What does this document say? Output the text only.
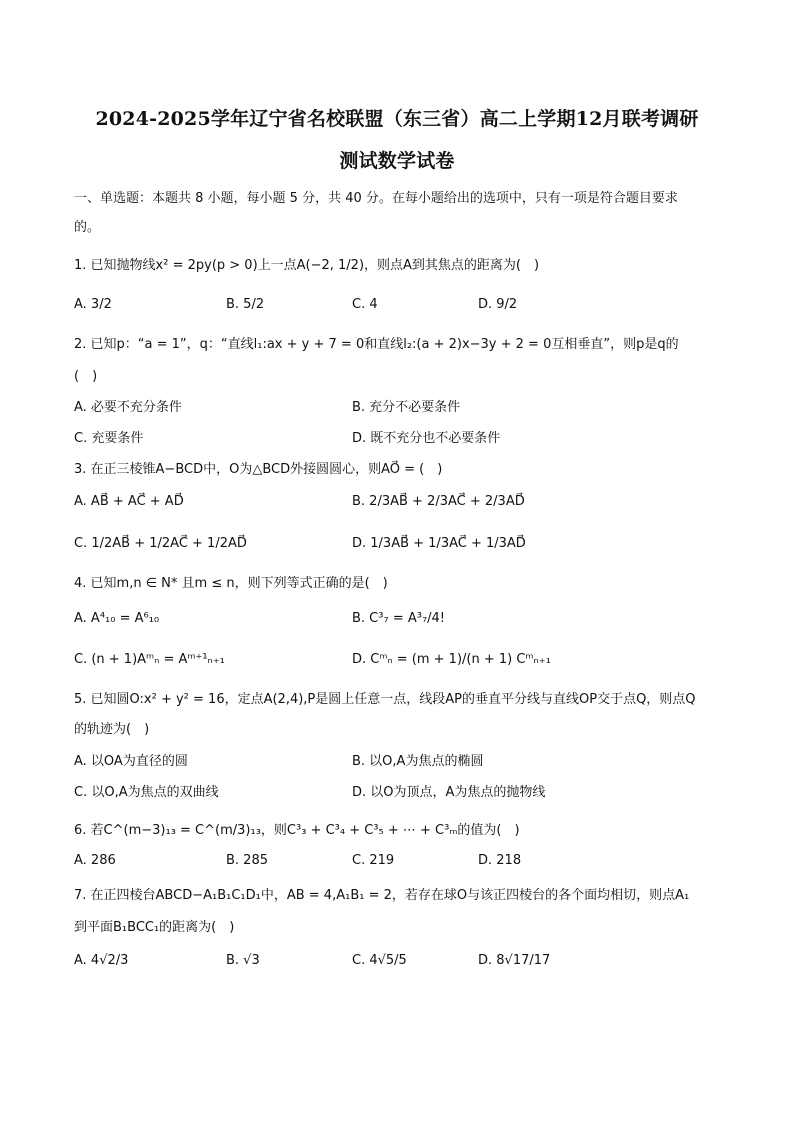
2024-2025学年辽宁省名校联盟（东三省）高二上学期12月联考调研
测试数学试卷
一、单选题：本题共 8 小题，每小题 5 分，共 40 分。在每小题给出的选项中，只有一项是符合题目要求
的。
1. 已知抛物线x² = 2py(p > 0)上一点A(−2, 1/2)，则点A到其焦点的距离为(　)
A. 3/2	B. 5/2	C. 4	D. 9/2
2. 已知p：“a = 1”，q：“直线l₁:ax + y + 7 = 0和直线l₂:(a + 2)x−3y + 2 = 0互相垂直”，则p是q的
(　)
A. 必要不充分条件	B. 充分不必要条件
C. 充要条件	D. 既不充分也不必要条件
3. 在正三棱锥A−BCD中，O为△BCD外接圆圆心，则AO⃗ = (　)
A. AB⃗ + AC⃗ + AD⃗	B. 2/3AB⃗ + 2/3AC⃗ + 2/3AD⃗
C. 1/2AB⃗ + 1/2AC⃗ + 1/2AD⃗	D. 1/3AB⃗ + 1/3AC⃗ + 1/3AD⃗
4. 已知m,n ∈ N* 且m ≤ n，则下列等式正确的是(　)
A. A⁴₁₀ = A⁶₁₀	B. C³₇ = A³₇/4!
C. (n + 1)Aᵐₙ = Aᵐ⁺¹ₙ₊₁	D. Cᵐₙ = (m + 1)/(n + 1) Cᵐₙ₊₁
5. 已知圆O:x² + y² = 16，定点A(2,4),P是圆上任意一点，线段AP的垂直平分线与直线OP交于点Q，则点Q
的轨迹为(　)
A. 以OA为直径的圆	B. 以O,A为焦点的椭圆
C. 以O,A为焦点的双曲线	D. 以O为顶点，A为焦点的抛物线
6. 若C^(m−3)₁₃ = C^(m/3)₁₃，则C³₃ + C³₄ + C³₅ + ⋯ + C³ₘ的值为(　)
A. 286	B. 285	C. 219	D. 218
7. 在正四棱台ABCD−A₁B₁C₁D₁中，AB = 4,A₁B₁ = 2，若存在球O与该正四棱台的各个面均相切，则点A₁
到平面B₁BCC₁的距离为(　)
A. 4√2/3	B. √3	C. 4√5/5	D. 8√17/17
